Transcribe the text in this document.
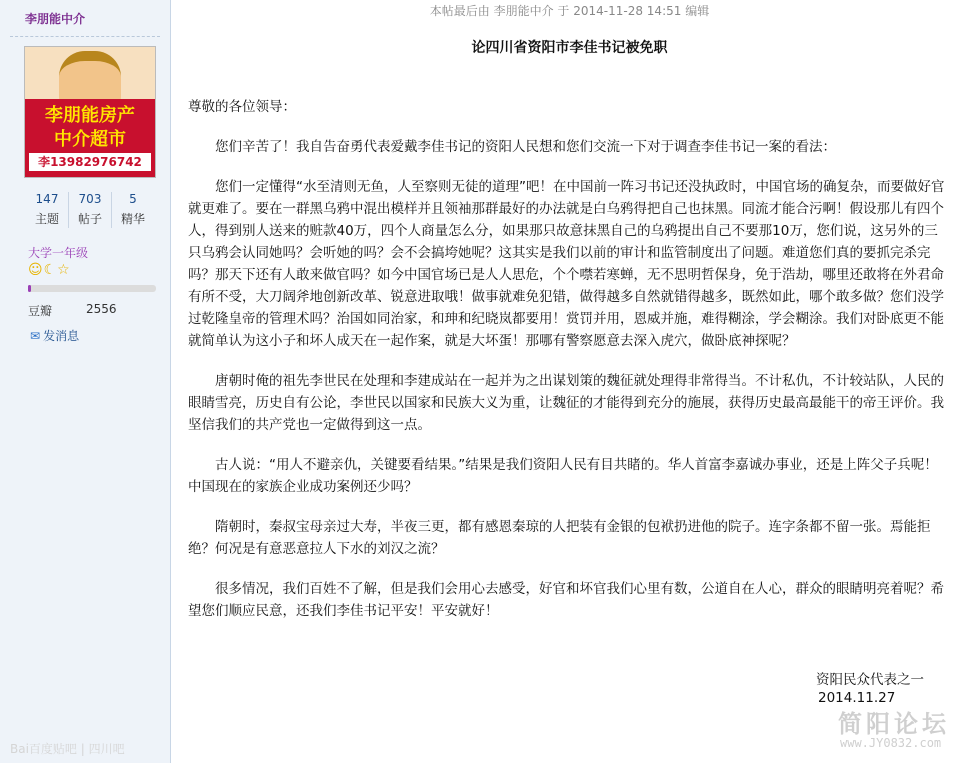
李朋能中介
李朋能房产
中介超市
李13982976742
147
主题
703
帖子
5
精华
大学一年级
☺☾☆
豆瓣	2556
✉ 发消息
本帖最后由 李朋能中介 于 2014-11-28 14:51 编辑
论四川省资阳市李佳书记被免职

尊敬的各位领导：

您们辛苦了！我自告奋勇代表爱戴李佳书记的资阳人民想和您们交流一下对于调查李佳书记一案的看法：

您们一定懂得“水至清则无鱼，人至察则无徒的道理”吧！在中国前一阵习书记还没执政时，中国官场的确复杂，而要做好官就更难了。要在一群黑乌鸦中混出模样并且领袖那群最好的办法就是白乌鸦得把自己也抹黑。同流才能合污啊！假设那儿有四个人，得到别人送来的赃款40万，四个人商量怎么分，如果那只故意抹黑自己的乌鸦提出自己不要那10万，您们说，这另外的三只乌鸦会认同她吗？会听她的吗？会不会搞垮她呢？这其实是我们以前的审计和监管制度出了问题。难道您们真的要抓完杀完吗？那天下还有人敢来做官吗？如今中国官场已是人人思危，个个噤若寒蝉，无不思明哲保身，免于浩劫，哪里还敢将在外君命有所不受，大刀阔斧地创新改革、锐意进取哦！做事就难免犯错，做得越多自然就错得越多，既然如此，哪个敢多做？您们没学过乾隆皇帝的管理术吗？治国如同治家，和珅和纪晓岚都要用！赏罚并用，恩威并施，难得糊涂，学会糊涂。我们对卧底更不能就简单认为这小子和坏人成天在一起作案，就是大坏蛋！那哪有警察愿意去深入虎穴，做卧底神探呢？

唐朝时俺的祖先李世民在处理和李建成站在一起并为之出谋划策的魏征就处理得非常得当。不计私仇，不计较站队，人民的眼睛雪亮，历史自有公论，李世民以国家和民族大义为重，让魏征的才能得到充分的施展，获得历史最高最能干的帝王评价。我坚信我们的共产党也一定做得到这一点。

古人说：“用人不避亲仇，关键要看结果。”结果是我们资阳人民有目共睹的。华人首富李嘉诚办事业，还是上阵父子兵呢！中国现在的家族企业成功案例还少吗？

隋朝时，秦叔宝母亲过大寿，半夜三更，都有感恩秦琼的人把装有金银的包袱扔进他的院子。连字条都不留一张。焉能拒绝？何况是有意恶意拉人下水的刘汉之流？

很多情况，我们百姓不了解，但是我们会用心去感受，好官和坏官我们心里有数，公道自在人心，群众的眼睛明亮着呢？希望您们顺应民意，还我们李佳书记平安！平安就好！

资阳民众代表之一
2014.11.27
简阳论坛
www.JY0832.com
Bai百度贴吧 | 四川吧
